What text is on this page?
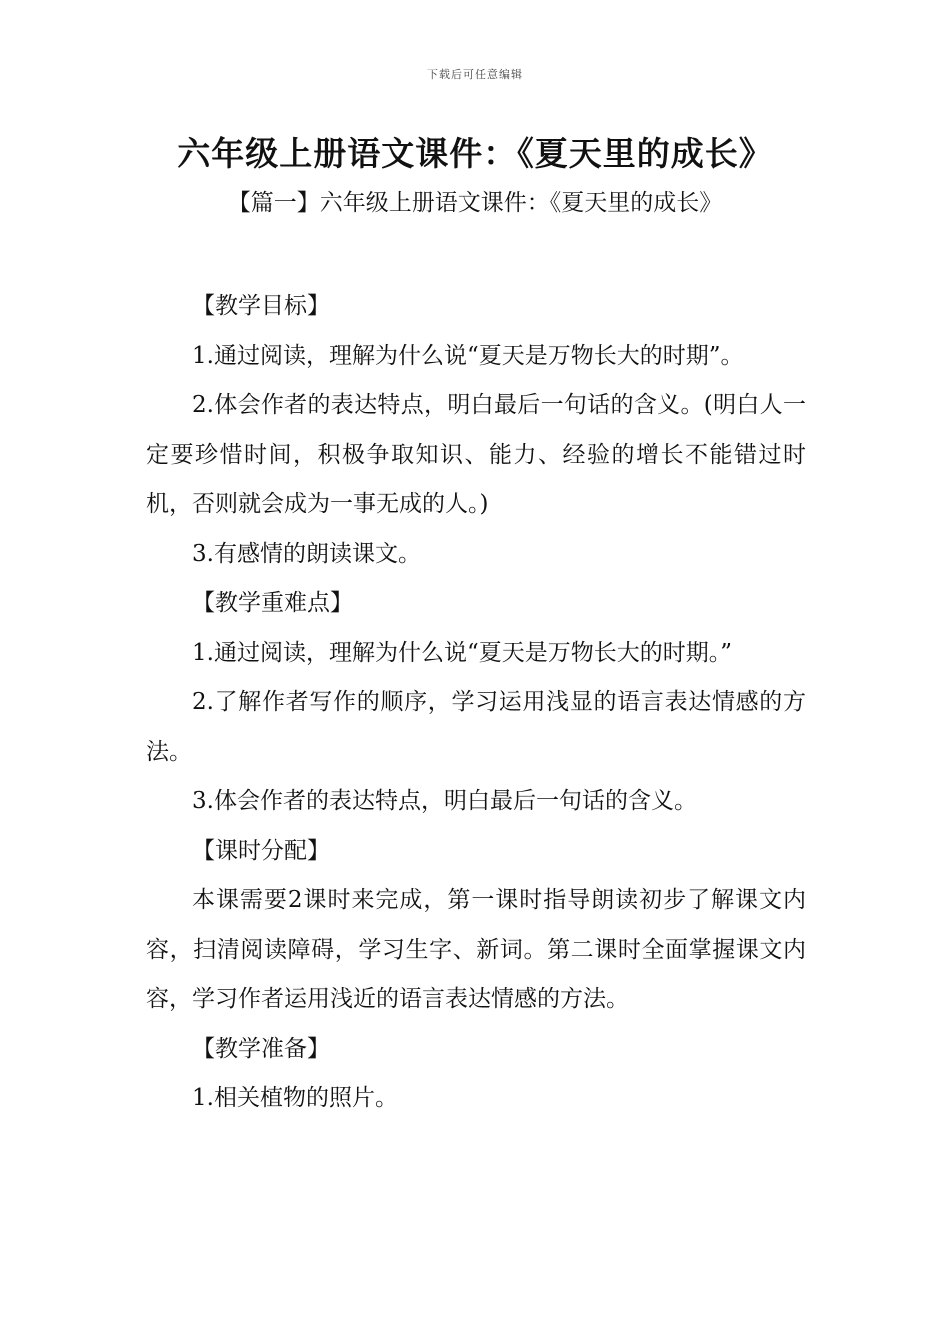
下载后可任意编辑
六年级上册语文课件：《夏天里的成长》
【篇一】六年级上册语文课件：《夏天里的成长》

【教学目标】

1.通过阅读，理解为什么说“夏天是万物长大的时期”。

2.体会作者的表达特点，明白最后一句话的含义。(明白人一定要珍惜时间，积极争取知识、能力、经验的增长不能错过时机，否则就会成为一事无成的人。)

3.有感情的朗读课文。

【教学重难点】

1.通过阅读，理解为什么说“夏天是万物长大的时期。”

2.了解作者写作的顺序，学习运用浅显的语言表达情感的方法。

3.体会作者的表达特点，明白最后一句话的含义。

【课时分配】

本课需要2课时来完成，第一课时指导朗读初步了解课文内容，扫清阅读障碍，学习生字、新词。第二课时全面掌握课文内容，学习作者运用浅近的语言表达情感的方法。

【教学准备】

1.相关植物的照片。
